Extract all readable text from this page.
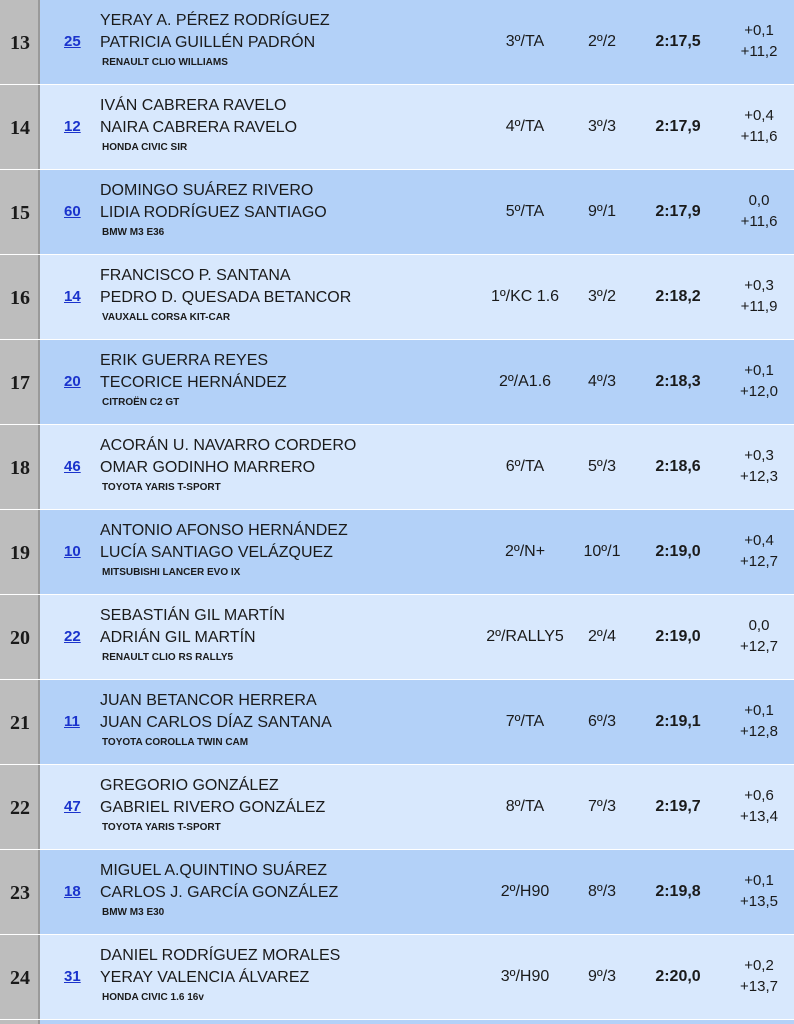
13	25
YERAY A. PÉREZ RODRÍGUEZ
PATRICIA GUILLÉN PADRÓN
RENAULT CLIO WILLIAMS
3º/TA	2º/2	2:17,5
+0,1
+11,2
14	12
IVÁN CABRERA RAVELO
NAIRA CABRERA RAVELO
HONDA CIVIC SIR
4º/TA	3º/3	2:17,9
+0,4
+11,6
15	60
DOMINGO SUÁREZ RIVERO
LIDIA RODRÍGUEZ SANTIAGO
BMW M3 E36
5º/TA	9º/1	2:17,9
0,0
+11,6
16	14
FRANCISCO P. SANTANA
PEDRO D. QUESADA BETANCOR
VAUXALL CORSA KIT-CAR
1º/KC 1.6	3º/2	2:18,2
+0,3
+11,9
17	20
ERIK GUERRA REYES
TECORICE HERNÁNDEZ
CITROËN C2 GT
2º/A1.6	4º/3	2:18,3
+0,1
+12,0
18	46
ACORÁN U. NAVARRO CORDERO
OMAR GODINHO MARRERO
TOYOTA YARIS T-SPORT
6º/TA	5º/3	2:18,6
+0,3
+12,3
19	10
ANTONIO AFONSO HERNÁNDEZ
LUCÍA SANTIAGO VELÁZQUEZ
MITSUBISHI LANCER EVO IX
2º/N+	10º/1	2:19,0
+0,4
+12,7
20	22
SEBASTIÁN GIL MARTÍN
ADRIÁN GIL MARTÍN
RENAULT CLIO RS RALLY5
2º/RALLY5	2º/4	2:19,0
0,0
+12,7
21	11
JUAN BETANCOR HERRERA
JUAN CARLOS DÍAZ SANTANA
TOYOTA COROLLA TWIN CAM
7º/TA	6º/3	2:19,1
+0,1
+12,8
22	47
GREGORIO GONZÁLEZ
GABRIEL RIVERO GONZÁLEZ
TOYOTA YARIS T-SPORT
8º/TA	7º/3	2:19,7
+0,6
+13,4
23	18
MIGUEL A.QUINTINO SUÁREZ
CARLOS J. GARCÍA GONZÁLEZ
BMW M3 E30
2º/H90	8º/3	2:19,8
+0,1
+13,5
24	31
DANIEL RODRÍGUEZ MORALES
YERAY VALENCIA ÁLVAREZ
HONDA CIVIC 1.6 16v
3º/H90	9º/3	2:20,0
+0,2
+13,7
